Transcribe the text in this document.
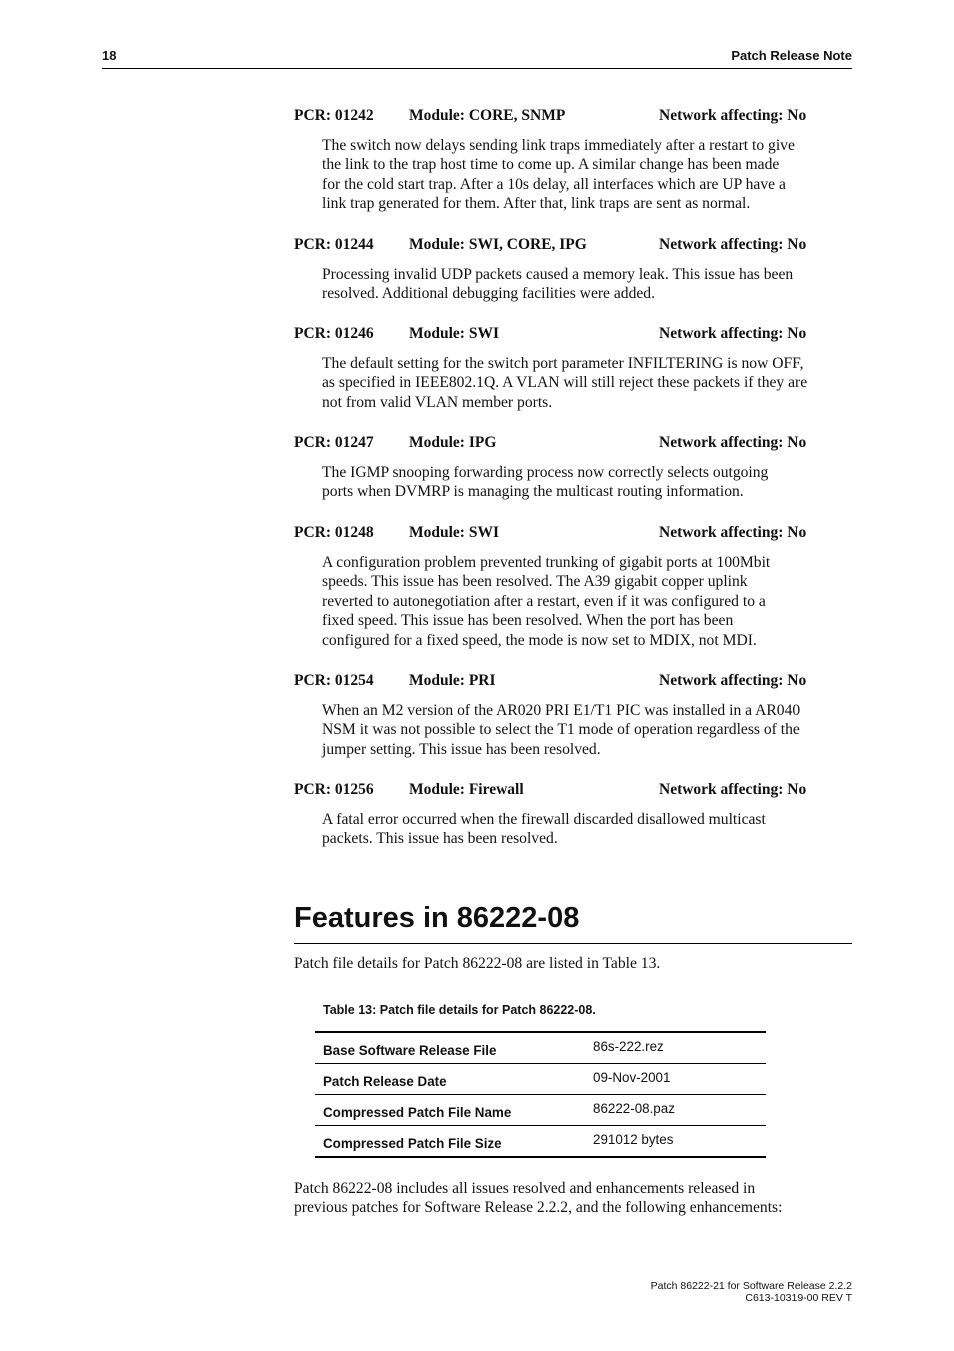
18	Patch Release Note
PCR: 01242 Module: CORE, SNMP	Network affecting: No
The switch now delays sending link traps immediately after a restart to give
the link to the trap host time to come up. A similar change has been made
for the cold start trap. After a 10s delay, all interfaces which are UP have a
link trap generated for them. After that, link traps are sent as normal.
PCR: 01244 Module: SWI, CORE, IPG	Network affecting: No
Processing invalid UDP packets caused a memory leak. This issue has been
resolved. Additional debugging facilities were added.
PCR: 01246 Module: SWI	Network affecting: No
The default setting for the switch port parameter INFILTERING is now OFF,
as specified in IEEE802.1Q. A VLAN will still reject these packets if they are
not from valid VLAN member ports.
PCR: 01247 Module: IPG	Network affecting: No
The IGMP snooping forwarding process now correctly selects outgoing
ports when DVMRP is managing the multicast routing information.
PCR: 01248 Module: SWI	Network affecting: No
A configuration problem prevented trunking of gigabit ports at 100Mbit
speeds. This issue has been resolved. The A39 gigabit copper uplink
reverted to autonegotiation after a restart, even if it was configured to a
fixed speed. This issue has been resolved. When the port has been
configured for a fixed speed, the mode is now set to MDIX, not MDI.
PCR: 01254 Module: PRI	Network affecting: No
When an M2 version of the AR020 PRI E1/T1 PIC was installed in a AR040
NSM it was not possible to select the T1 mode of operation regardless of the
jumper setting. This issue has been resolved.
PCR: 01256 Module: Firewall	Network affecting: No
A fatal error occurred when the firewall discarded disallowed multicast
packets. This issue has been resolved.
Features in 86222-08
Patch file details for Patch 86222-08 are listed in Table 13.
Table 13: Patch file details for Patch 86222-08.
Base Software Release File	86s-222.rez
Patch Release Date	09-Nov-2001
Compressed Patch File Name	86222-08.paz
Compressed Patch File Size	291012 bytes
Patch 86222-08 includes all issues resolved and enhancements released in
previous patches for Software Release 2.2.2, and the following enhancements:
Patch 86222-21 for Software Release 2.2.2
C613-10319-00 REV T
